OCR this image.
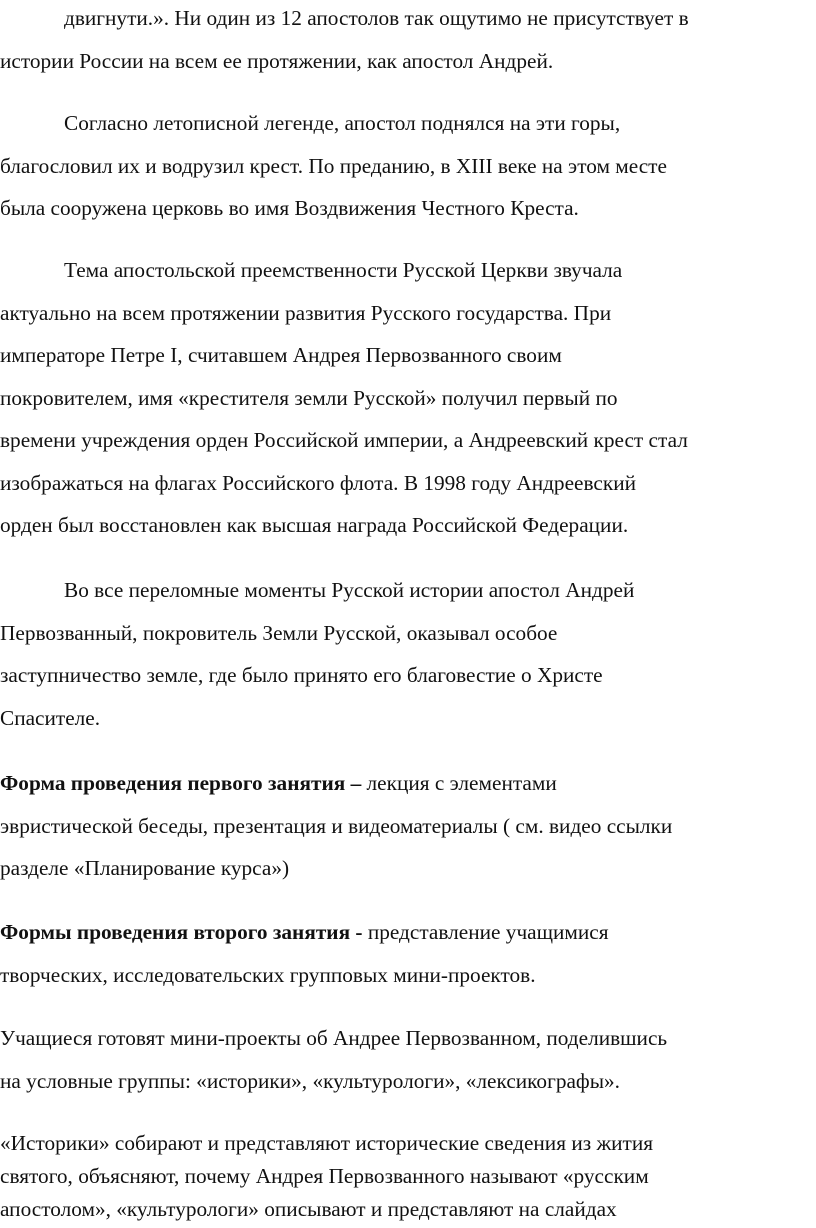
двигнути.». Ни один из 12 апостолов так ощутимо не присутствует в
истории России на всем ее протяжении, как апостол Андрей.

Согласно летописной легенде, апостол поднялся на эти горы,
благословил их и водрузил крест. По преданию, в XIII веке на этом месте
была сооружена церковь во имя Воздвижения Честного Креста.

Тема апостольской преемственности Русской Церкви звучала
актуально на всем протяжении развития Русского государства. При
императоре Петре I, считавшем Андрея Первозванного своим
покровителем, имя «крестителя земли Русской» получил первый по
времени учреждения орден Российской империи, а Андреевский крест стал
изображаться на флагах Российского флота. В 1998 году Андреевский
орден был восстановлен как высшая награда Российской Федерации.

Во все переломные моменты Русской истории апостол Андрей
Первозванный, покровитель Земли Русской, оказывал особое
заступничество земле, где было принято его благовестие о Христе
Спасителе.

Форма проведения первого занятия – лекция с элементами
эвристической беседы, презентация и видеоматериалы ( см. видео ссылки
разделе «Планирование курса»)

Формы проведения второго занятия - представление учащимися
творческих, исследовательских групповых мини-проектов.

Учащиеся готовят мини-проекты об Андрее Первозванном, поделившись
на условные группы: «историки», «культурологи», «лексикографы».

«Историки» собирают и представляют исторические сведения из жития
святого, объясняют, почему Андрея Первозванного называют «русским
апостолом», «культурологи» описывают и представляют на слайдах
